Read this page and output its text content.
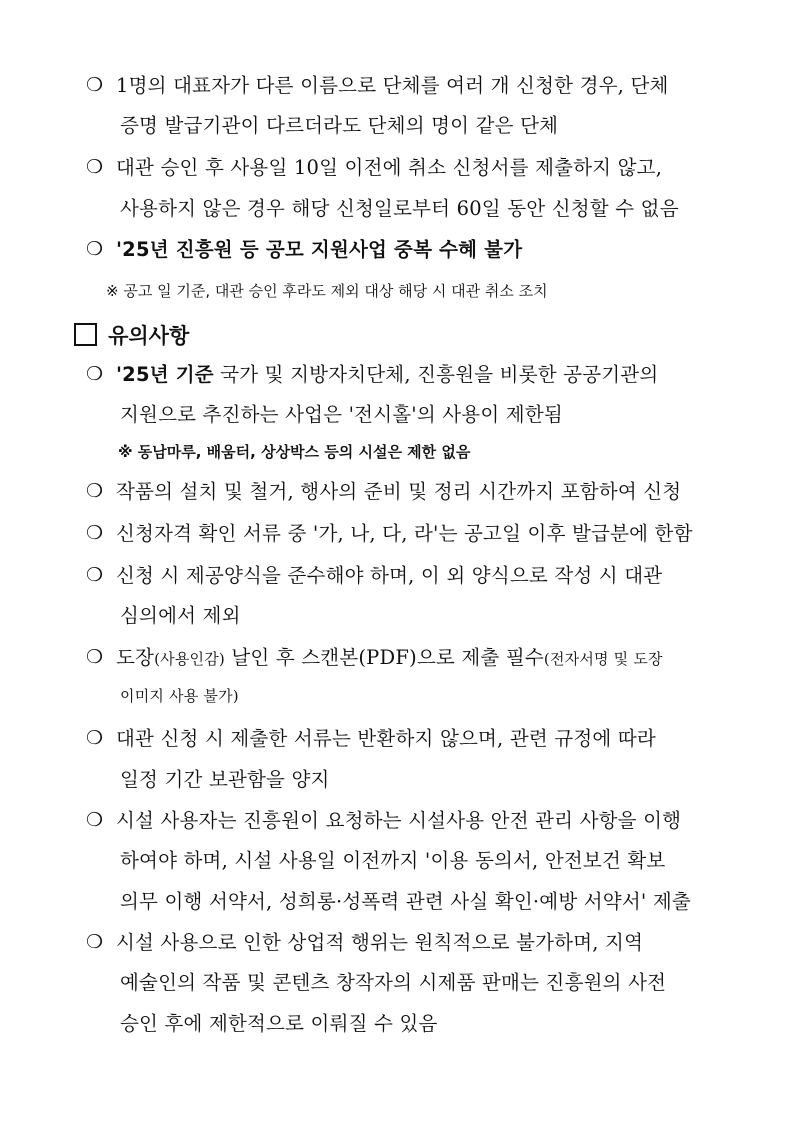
❍ 1명의 대표자가 다른 이름으로 단체를 여러 개 신청한 경우, 단체
증명 발급기관이 다르더라도 단체의 명이 같은 단체
❍ 대관 승인 후 사용일 10일 이전에 취소 신청서를 제출하지 않고,
사용하지 않은 경우 해당 신청일로부터 60일 동안 신청할 수 없음
❍ '25년 진흥원 등 공모 지원사업 중복 수혜 불가
※ 공고 일 기준, 대관 승인 후라도 제외 대상 해당 시 대관 취소 조치
유의사항
❍ '25년 기준 국가 및 지방자치단체, 진흥원을 비롯한 공공기관의
지원으로 추진하는 사업은 '전시홀'의 사용이 제한됨
※ 동남마루, 배움터, 상상박스 등의 시설은 제한 없음
❍ 작품의 설치 및 철거, 행사의 준비 및 정리 시간까지 포함하여 신청
❍ 신청자격 확인 서류 중 '가, 나, 다, 라'는 공고일 이후 발급분에 한함
❍ 신청 시 제공양식을 준수해야 하며, 이 외 양식으로 작성 시 대관
심의에서 제외
❍ 도장(사용인감) 날인 후 스캔본(PDF)으로 제출 필수(전자서명 및 도장
이미지 사용 불가)
❍ 대관 신청 시 제출한 서류는 반환하지 않으며, 관련 규정에 따라
일정 기간 보관함을 양지
❍ 시설 사용자는 진흥원이 요청하는 시설사용 안전 관리 사항을 이행
하여야 하며, 시설 사용일 이전까지 '이용 동의서, 안전보건 확보
의무 이행 서약서, 성희롱·성폭력 관련 사실 확인·예방 서약서' 제출
❍ 시설 사용으로 인한 상업적 행위는 원칙적으로 불가하며, 지역
예술인의 작품 및 콘텐츠 창작자의 시제품 판매는 진흥원의 사전
승인 후에 제한적으로 이뤄질 수 있음
